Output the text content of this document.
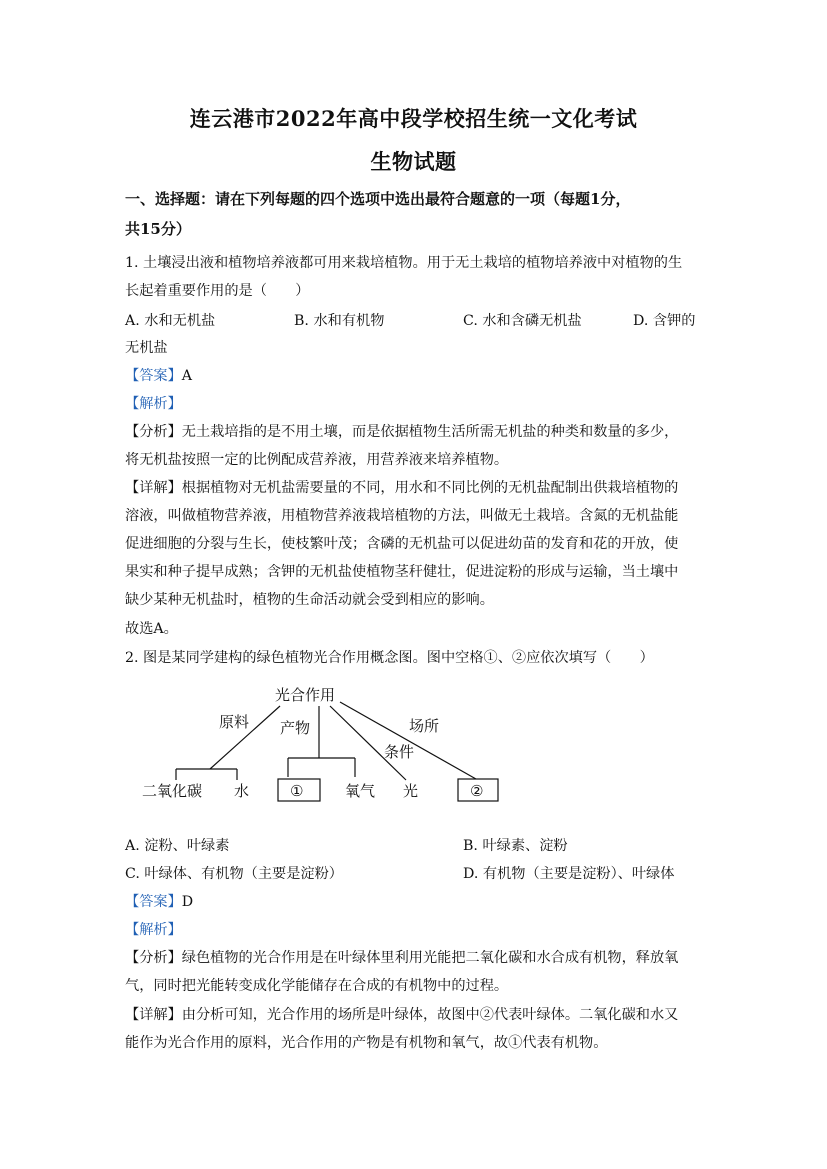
连云港市2022年高中段学校招生统一文化考试
生物试题
一、选择题：请在下列每题的四个选项中选出最符合题意的一项（每题1分，
共15分）
1. 土壤浸出液和植物培养液都可用来栽培植物。用于无土栽培的植物培养液中对植物的生
长起着重要作用的是（　　）
A. 水和无机盐	B. 水和有机物	C. 水和含磷无机盐	D. 含钾的
无机盐
【答案】A
【解析】
【分析】无土栽培指的是不用土壤，而是依据植物生活所需无机盐的种类和数量的多少，
将无机盐按照一定的比例配成营养液，用营养液来培养植物。
【详解】根据植物对无机盐需要量的不同，用水和不同比例的无机盐配制出供栽培植物的
溶液，叫做植物营养液，用植物营养液栽培植物的方法，叫做无土栽培。含氮的无机盐能
促进细胞的分裂与生长，使枝繁叶茂；含磷的无机盐可以促进幼苗的发育和花的开放，使
果实和种子提早成熟；含钾的无机盐使植物茎秆健壮，促进淀粉的形成与运输，当土壤中
缺少某种无机盐时，植物的生命活动就会受到相应的影响。
故选A。
2. 图是某同学建构的绿色植物光合作用概念图。图中空格①、②应依次填写（　　）
光合作用
原料 产物
条件
场所
二氧化碳 水	①	氧气 光	②
A. 淀粉、叶绿素	B. 叶绿素、淀粉
C. 叶绿体、有机物（主要是淀粉）	D. 有机物（主要是淀粉）、叶绿体
【答案】D
【解析】
【分析】绿色植物的光合作用是在叶绿体里利用光能把二氧化碳和水合成有机物，释放氧
气，同时把光能转变成化学能储存在合成的有机物中的过程。
【详解】由分析可知，光合作用的场所是叶绿体，故图中②代表叶绿体。二氧化碳和水又
能作为光合作用的原料，光合作用的产物是有机物和氧气，故①代表有机物。
